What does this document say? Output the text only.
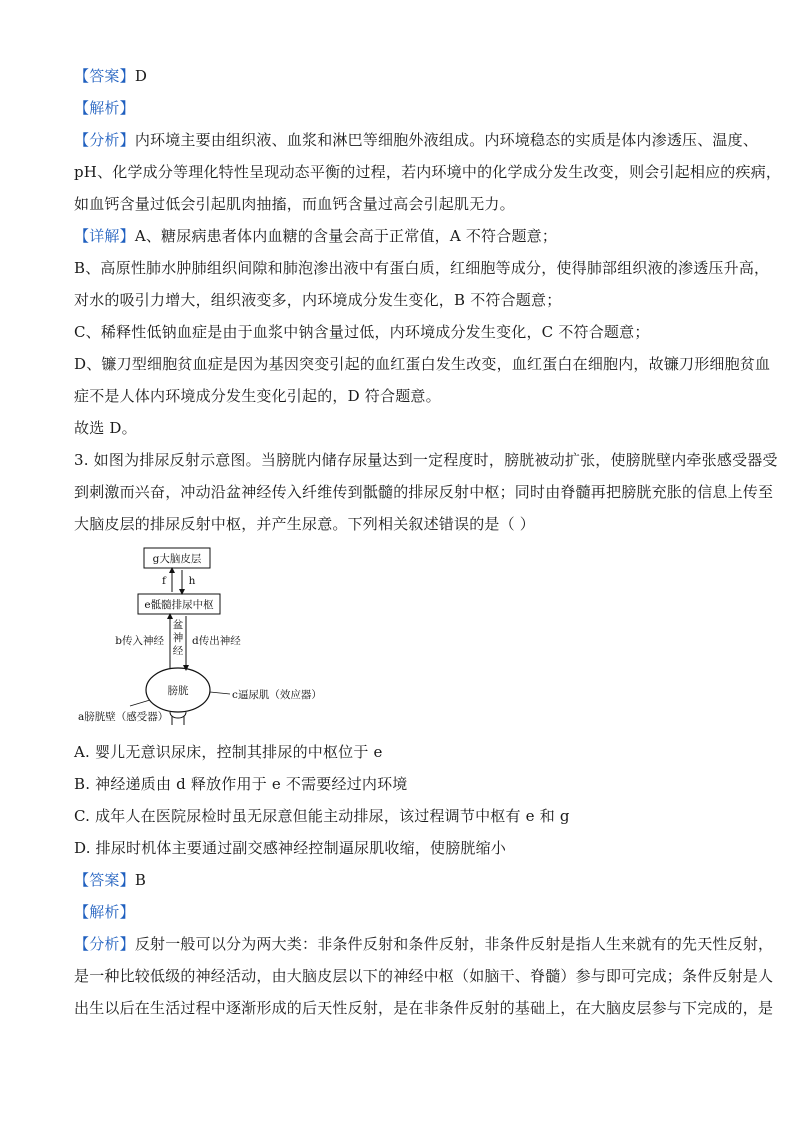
【答案】D
【解析】
【分析】内环境主要由组织液、血浆和淋巴等细胞外液组成。内环境稳态的实质是体内渗透压、温度、
pH、化学成分等理化特性呈现动态平衡的过程，若内环境中的化学成分发生改变，则会引起相应的疾病，
如血钙含量过低会引起肌肉抽搐，而血钙含量过高会引起肌无力。
【详解】A、糖尿病患者体内血糖的含量会高于正常值，A 不符合题意；
B、高原性肺水肿肺组织间隙和肺泡渗出液中有蛋白质，红细胞等成分，使得肺部组织液的渗透压升高，
对水的吸引力增大，组织液变多，内环境成分发生变化，B 不符合题意；
C、稀释性低钠血症是由于血浆中钠含量过低，内环境成分发生变化，C 不符合题意；
D、镰刀型细胞贫血症是因为基因突变引起的血红蛋白发生改变，血红蛋白在细胞内，故镰刀形细胞贫血
症不是人体内环境成分发生变化引起的，D 符合题意。
故选 D。
3. 如图为排尿反射示意图。当膀胱内储存尿量达到一定程度时，膀胱被动扩张，使膀胱壁内牵张感受器受
到刺激而兴奋，冲动沿盆神经传入纤维传到骶髓的排尿反射中枢；同时由脊髓再把膀胱充胀的信息上传至
大脑皮层的排尿反射中枢，并产生尿意。下列相关叙述错误的是（ ）
g大脑皮层
f h
e骶髓排尿中枢
b传入神经
盆
神
经
d传出神经
膀胱	c逼尿肌（效应器）
a膀胱壁（感受器）
A. 婴儿无意识尿床，控制其排尿的中枢位于 e
B. 神经递质由 d 释放作用于 e 不需要经过内环境
C. 成年人在医院尿检时虽无尿意但能主动排尿，该过程调节中枢有 e 和 g
D. 排尿时机体主要通过副交感神经控制逼尿肌收缩，使膀胱缩小
【答案】B
【解析】
【分析】反射一般可以分为两大类：非条件反射和条件反射，非条件反射是指人生来就有的先天性反射，
是一种比较低级的神经活动，由大脑皮层以下的神经中枢（如脑干、脊髓）参与即可完成；条件反射是人
出生以后在生活过程中逐渐形成的后天性反射，是在非条件反射的基础上，在大脑皮层参与下完成的，是
